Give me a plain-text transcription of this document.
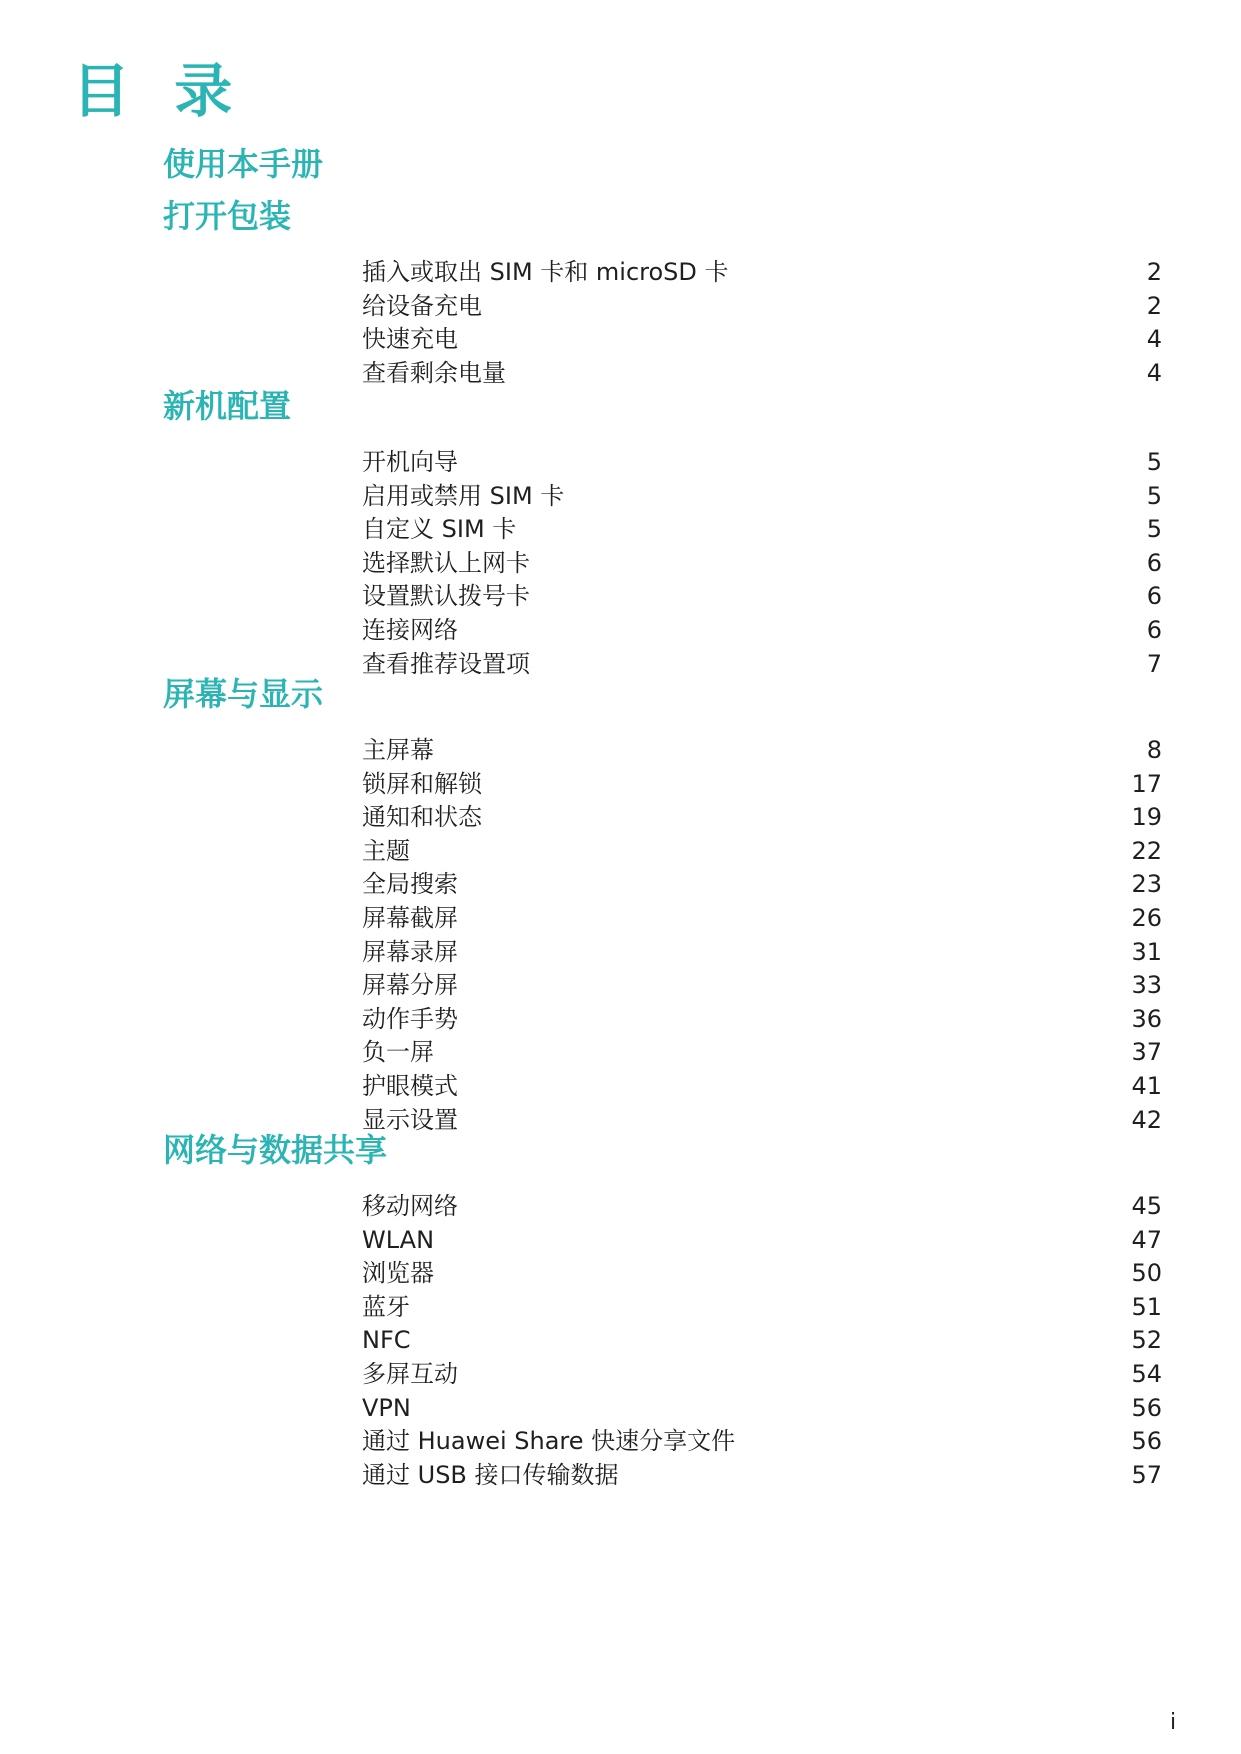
目 录
使用本手册
打开包装
插入或取出 SIM 卡和 microSD 卡	2
给设备充电	2
快速充电	4
查看剩余电量	4
新机配置
开机向导	5
启用或禁用 SIM 卡	5
自定义 SIM 卡	5
选择默认上网卡	6
设置默认拨号卡	6
连接网络	6
查看推荐设置项	7
屏幕与显示
主屏幕	8
锁屏和解锁	17
通知和状态	19
主题	22
全局搜索	23
屏幕截屏	26
屏幕录屏	31
屏幕分屏	33
动作手势	36
负一屏	37
护眼模式	41
显示设置	42
网络与数据共享
移动网络	45
WLAN	47
浏览器	50
蓝牙	51
NFC	52
多屏互动	54
VPN	56
通过 Huawei Share 快速分享文件	56
通过 USB 接口传输数据	57
i
